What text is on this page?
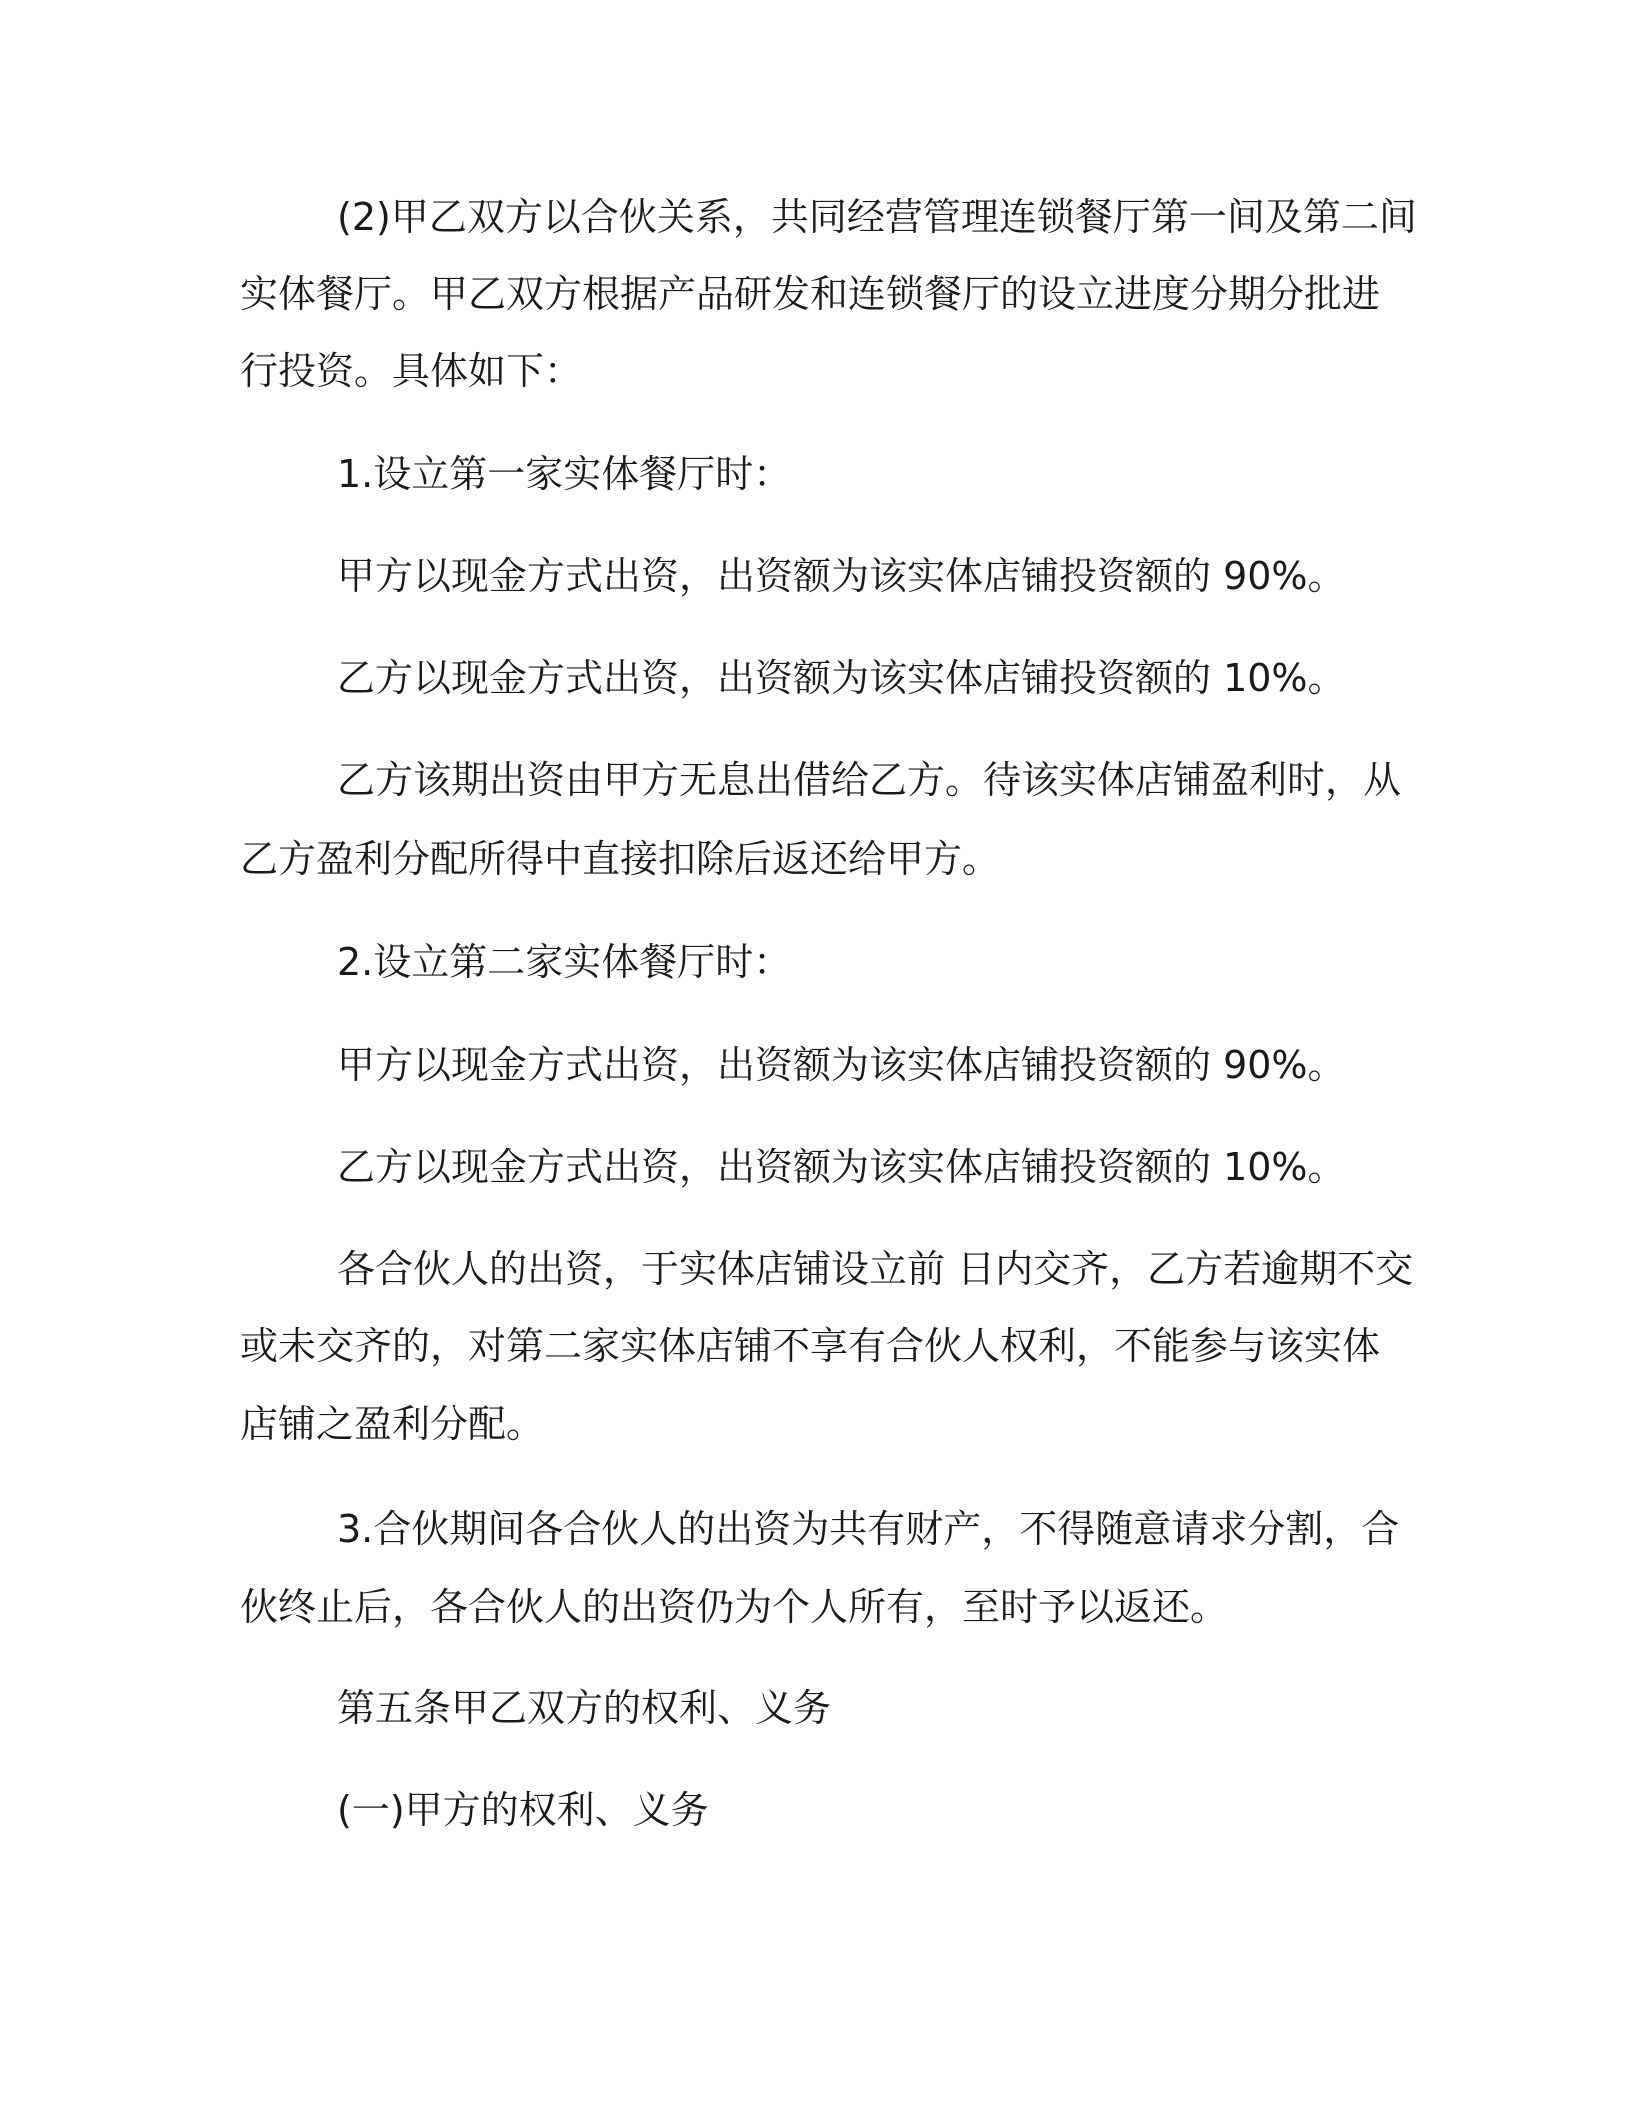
(2)甲乙双方以合伙关系，共同经营管理连锁餐厅第一间及第二间
实体餐厅。甲乙双方根据产品研发和连锁餐厅的设立进度分期分批进
行投资。具体如下：
1.设立第一家实体餐厅时：
甲方以现金方式出资，出资额为该实体店铺投资额的 90%。
乙方以现金方式出资，出资额为该实体店铺投资额的 10%。
乙方该期出资由甲方无息出借给乙方。待该实体店铺盈利时，从
乙方盈利分配所得中直接扣除后返还给甲方。
2.设立第二家实体餐厅时：
甲方以现金方式出资，出资额为该实体店铺投资额的 90%。
乙方以现金方式出资，出资额为该实体店铺投资额的 10%。
各合伙人的出资，于实体店铺设立前 日内交齐，乙方若逾期不交
或未交齐的，对第二家实体店铺不享有合伙人权利，不能参与该实体
店铺之盈利分配。
3.合伙期间各合伙人的出资为共有财产，不得随意请求分割，合
伙终止后，各合伙人的出资仍为个人所有，至时予以返还。
第五条甲乙双方的权利、义务
(一)甲方的权利、义务
